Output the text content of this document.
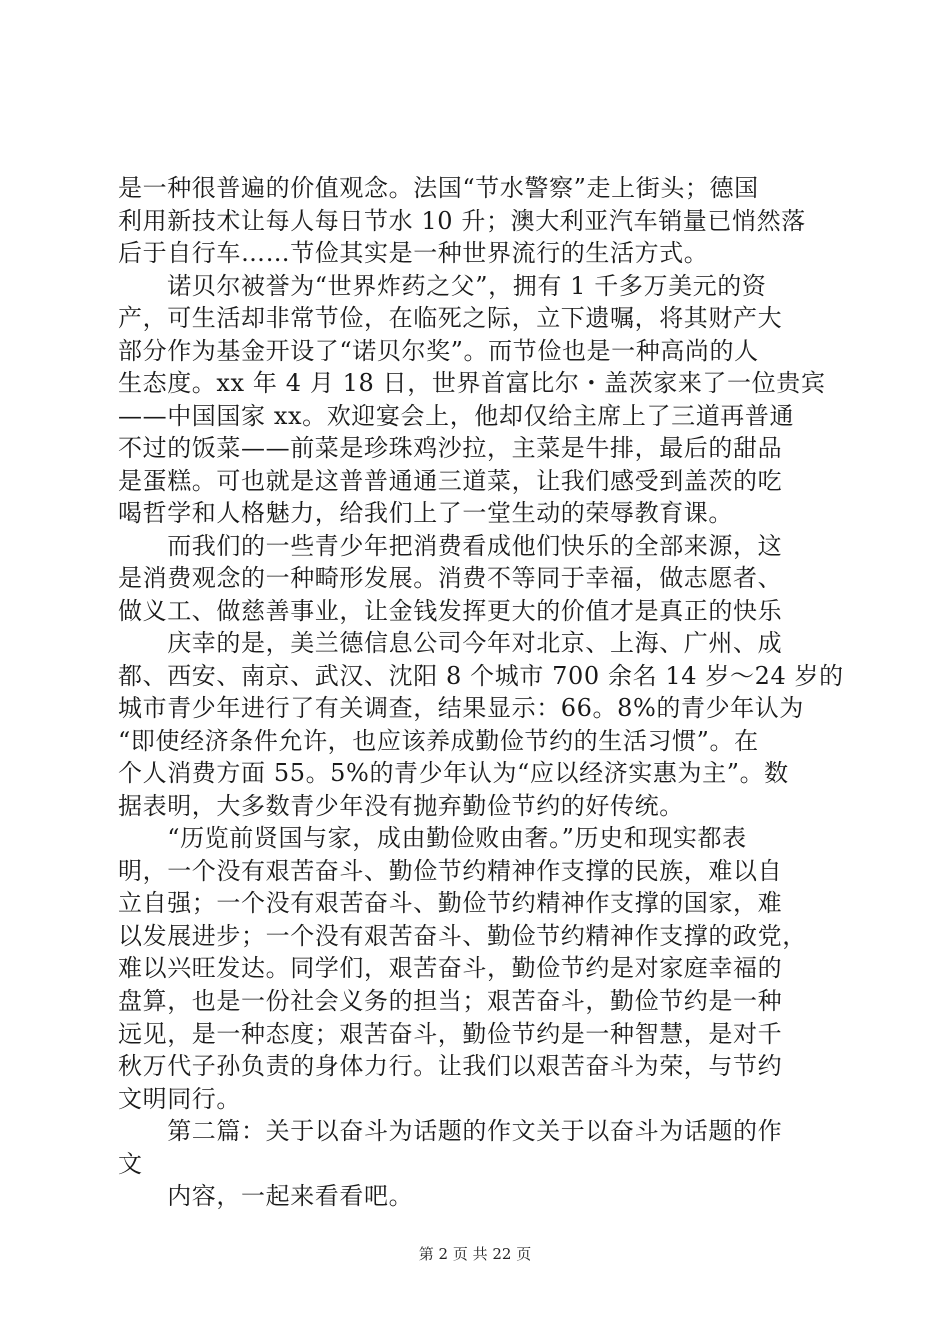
是一种很普遍的价值观念。法国“节水警察”走上街头；德国
利用新技术让每人每日节水 10 升；澳大利亚汽车销量已悄然落
后于自行车……节俭其实是一种世界流行的生活方式。
　　诺贝尔被誉为“世界炸药之父”，拥有 1 千多万美元的资
产，可生活却非常节俭，在临死之际，立下遗嘱，将其财产大
部分作为基金开设了“诺贝尔奖”。而节俭也是一种高尚的人
生态度。xx 年 4 月 18 日，世界首富比尔・盖茨家来了一位贵宾
——中国国家 xx。欢迎宴会上，他却仅给主席上了三道再普通
不过的饭菜——前菜是珍珠鸡沙拉，主菜是牛排，最后的甜品
是蛋糕。可也就是这普普通通三道菜，让我们感受到盖茨的吃
喝哲学和人格魅力，给我们上了一堂生动的荣辱教育课。
　　而我们的一些青少年把消费看成他们快乐的全部来源，这
是消费观念的一种畸形发展。消费不等同于幸福，做志愿者、
做义工、做慈善事业，让金钱发挥更大的价值才是真正的快乐
　　庆幸的是，美兰德信息公司今年对北京、上海、广州、成
都、西安、南京、武汉、沈阳 8 个城市 700 余名 14 岁～24 岁的
城市青少年进行了有关调查，结果显示：66。8%的青少年认为
“即使经济条件允许，也应该养成勤俭节约的生活习惯”。在
个人消费方面 55。5%的青少年认为“应以经济实惠为主”。数
据表明，大多数青少年没有抛弃勤俭节约的好传统。
　　“历览前贤国与家，成由勤俭败由奢。”历史和现实都表
明，一个没有艰苦奋斗、勤俭节约精神作支撑的民族，难以自
立自强；一个没有艰苦奋斗、勤俭节约精神作支撑的国家，难
以发展进步；一个没有艰苦奋斗、勤俭节约精神作支撑的政党，
难以兴旺发达。同学们，艰苦奋斗，勤俭节约是对家庭幸福的
盘算，也是一份社会义务的担当；艰苦奋斗，勤俭节约是一种
远见，是一种态度；艰苦奋斗，勤俭节约是一种智慧，是对千
秋万代子孙负责的身体力行。让我们以艰苦奋斗为荣，与节约
文明同行。
　　第二篇：关于以奋斗为话题的作文关于以奋斗为话题的作
文
　　内容，一起来看看吧。
第 2 页 共 22 页
